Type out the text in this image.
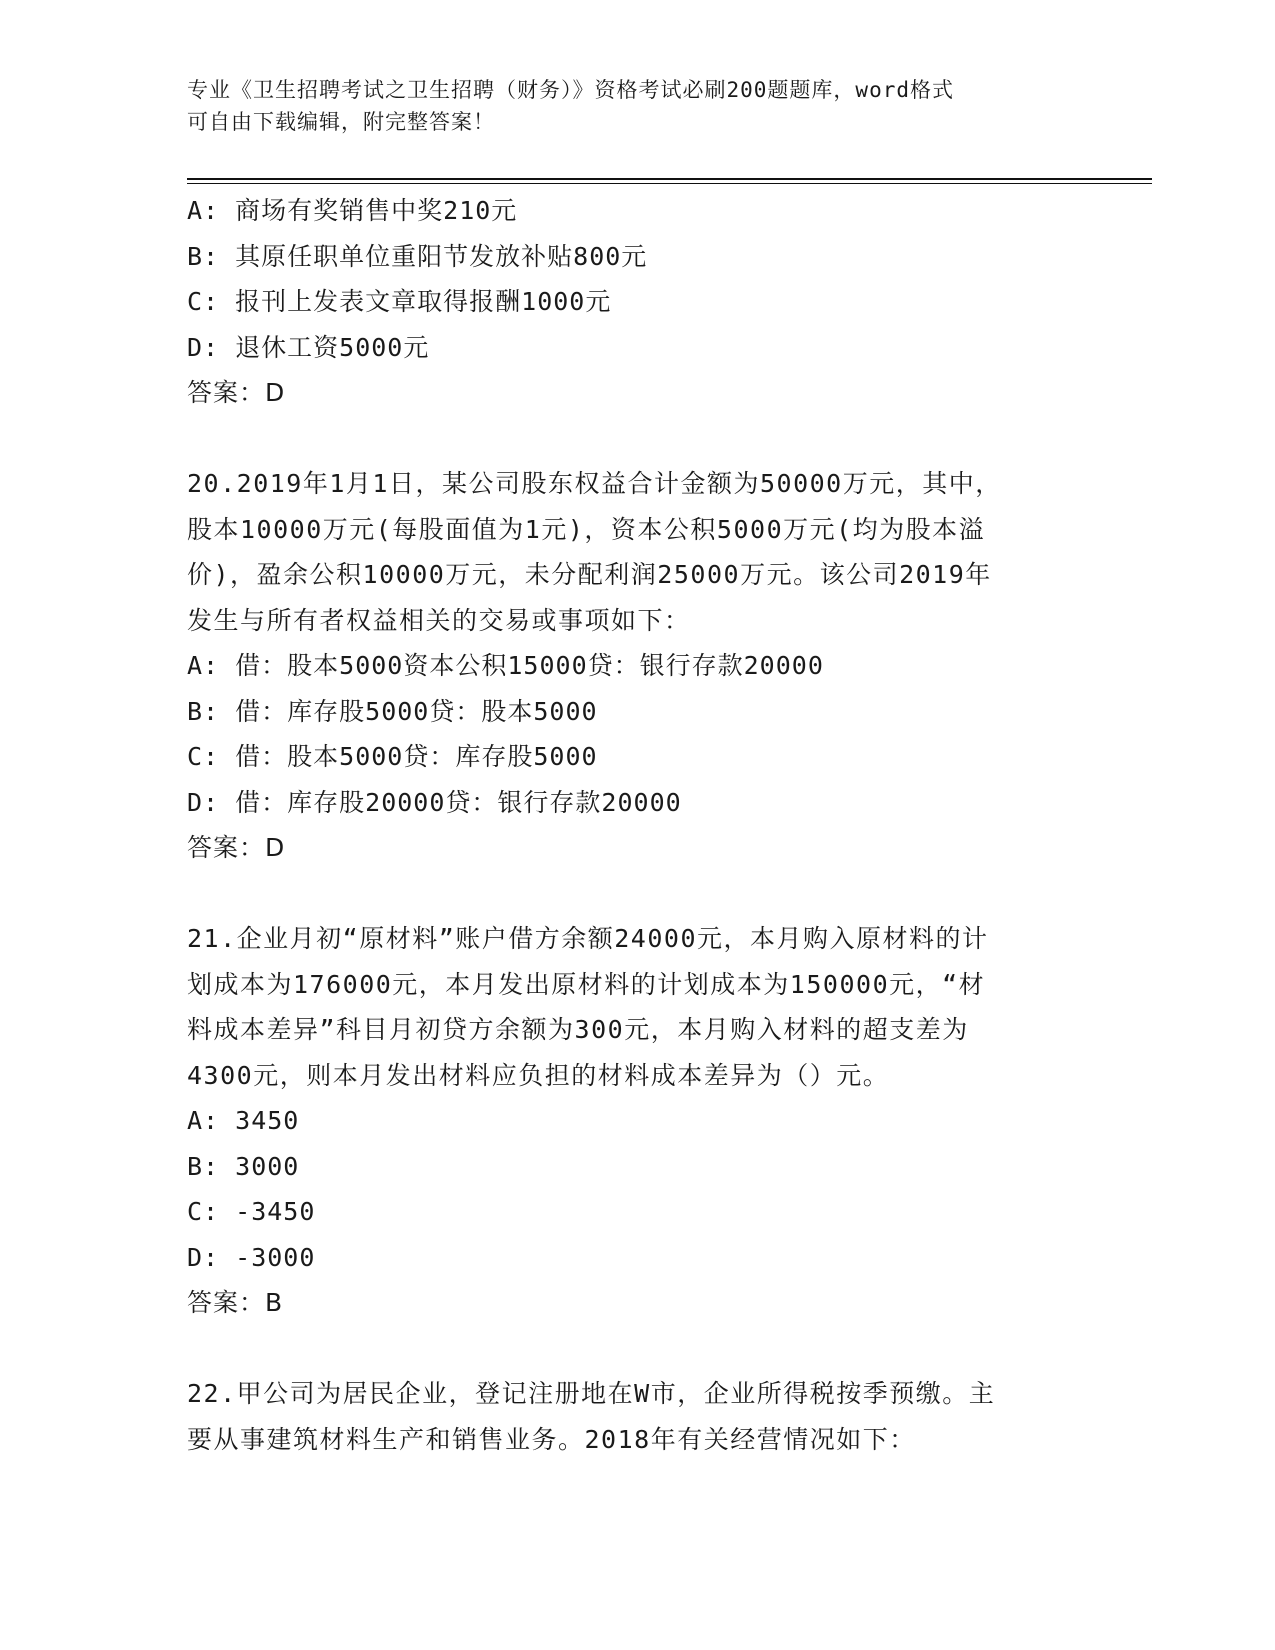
专业《卫生招聘考试之卫生招聘（财务）》资格考试必刷200题题库，word格式
可自由下载编辑，附完整答案！
A: 商场有奖销售中奖210元
B: 其原任职单位重阳节发放补贴800元
C: 报刊上发表文章取得报酬1000元
D: 退休工资5000元
答案：D
20.2019年1月1日，某公司股东权益合计金额为50000万元，其中，
股本10000万元(每股面值为1元)，资本公积5000万元(均为股本溢
价)，盈余公积10000万元，未分配利润25000万元。该公司2019年
发生与所有者权益相关的交易或事项如下：
A: 借：股本5000资本公积15000贷：银行存款20000
B: 借：库存股5000贷：股本5000
C: 借：股本5000贷：库存股5000
D: 借：库存股20000贷：银行存款20000
答案：D
21.企业月初“原材料”账户借方余额24000元，本月购入原材料的计
划成本为176000元，本月发出原材料的计划成本为150000元，“材
料成本差异”科目月初贷方余额为300元，本月购入材料的超支差为
4300元，则本月发出材料应负担的材料成本差异为（）元。
A: 3450
B: 3000
C: -3450
D: -3000
答案：B
22.甲公司为居民企业，登记注册地在W市，企业所得税按季预缴。主
要从事建筑材料生产和销售业务。2018年有关经营情况如下：
